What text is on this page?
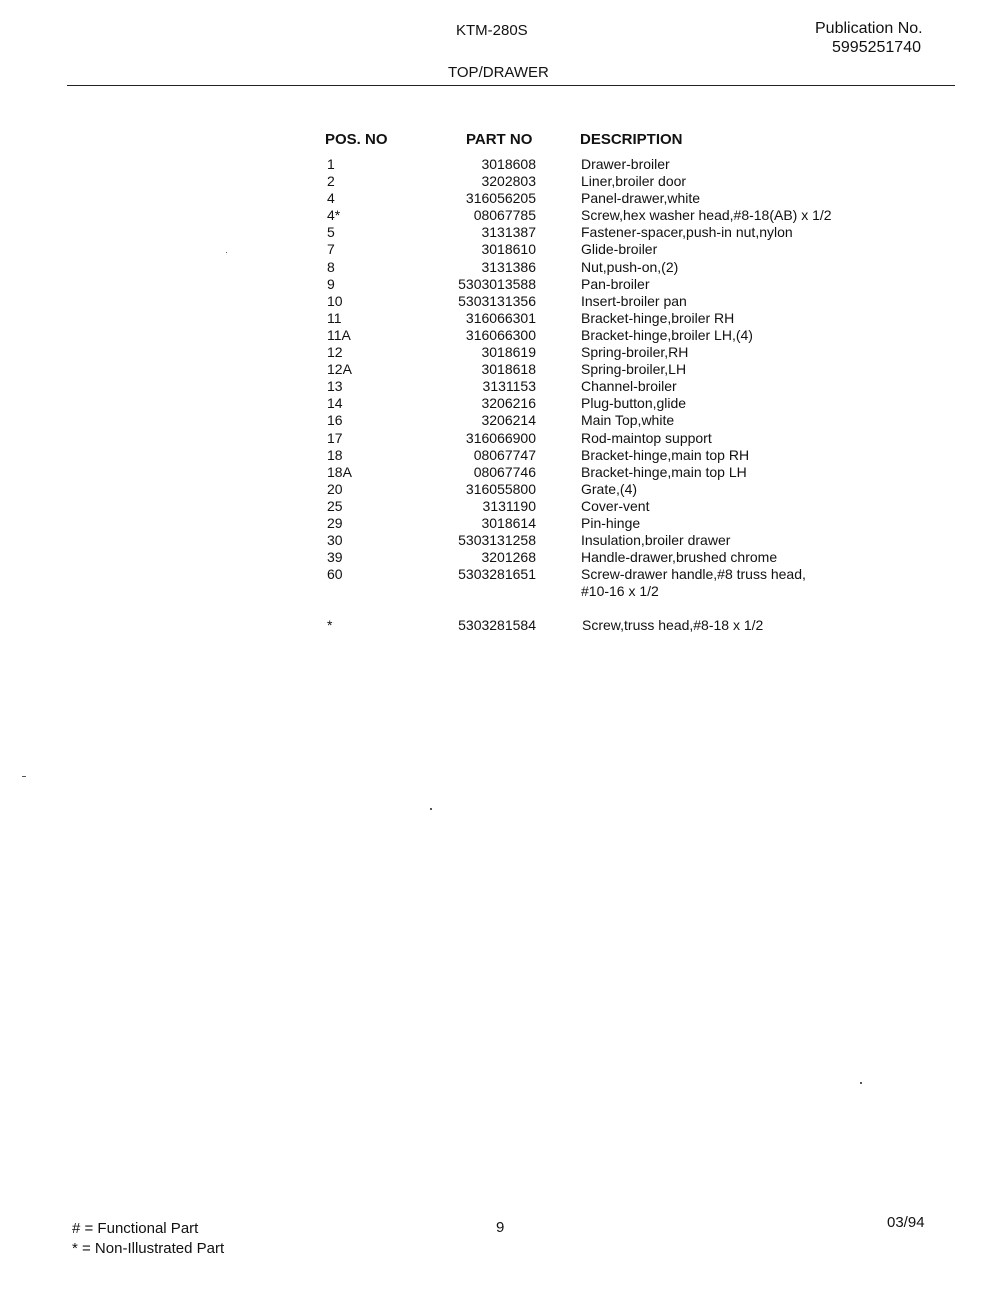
KTM-280S	Publication No.
5995251740
TOP/DRAWER
POS. NO	PART NO	DESCRIPTION
1	3018608	Drawer-broiler
2	3202803	Liner,broiler door
4	316056205	Panel-drawer,white
4*	08067785	Screw,hex washer head,#8-18(AB) x 1/2
5	3131387	Fastener-spacer,push-in nut,nylon
7	3018610	Glide-broiler
8	3131386	Nut,push-on,(2)
9	5303013588	Pan-broiler
10	5303131356	Insert-broiler pan
11	316066301	Bracket-hinge,broiler RH
11A	316066300	Bracket-hinge,broiler LH,(4)
12	3018619	Spring-broiler,RH
12A	3018618	Spring-broiler,LH
13	3131153	Channel-broiler
14	3206216	Plug-button,glide
16	3206214	Main Top,white
17	316066900	Rod-maintop support
18	08067747	Bracket-hinge,main top RH
18A	08067746	Bracket-hinge,main top LH
20	316055800	Grate,(4)
25	3131190	Cover-vent
29	3018614	Pin-hinge
30	5303131258	Insulation,broiler drawer
39	3201268	Handle-drawer,brushed chrome
60	5303281651	Screw-drawer handle,#8 truss head,
#10-16 x 1/2
*	5303281584	Screw,truss head,#8-18 x 1/2
# = Functional Part
* = Non-Illustrated Part
9	03/94
